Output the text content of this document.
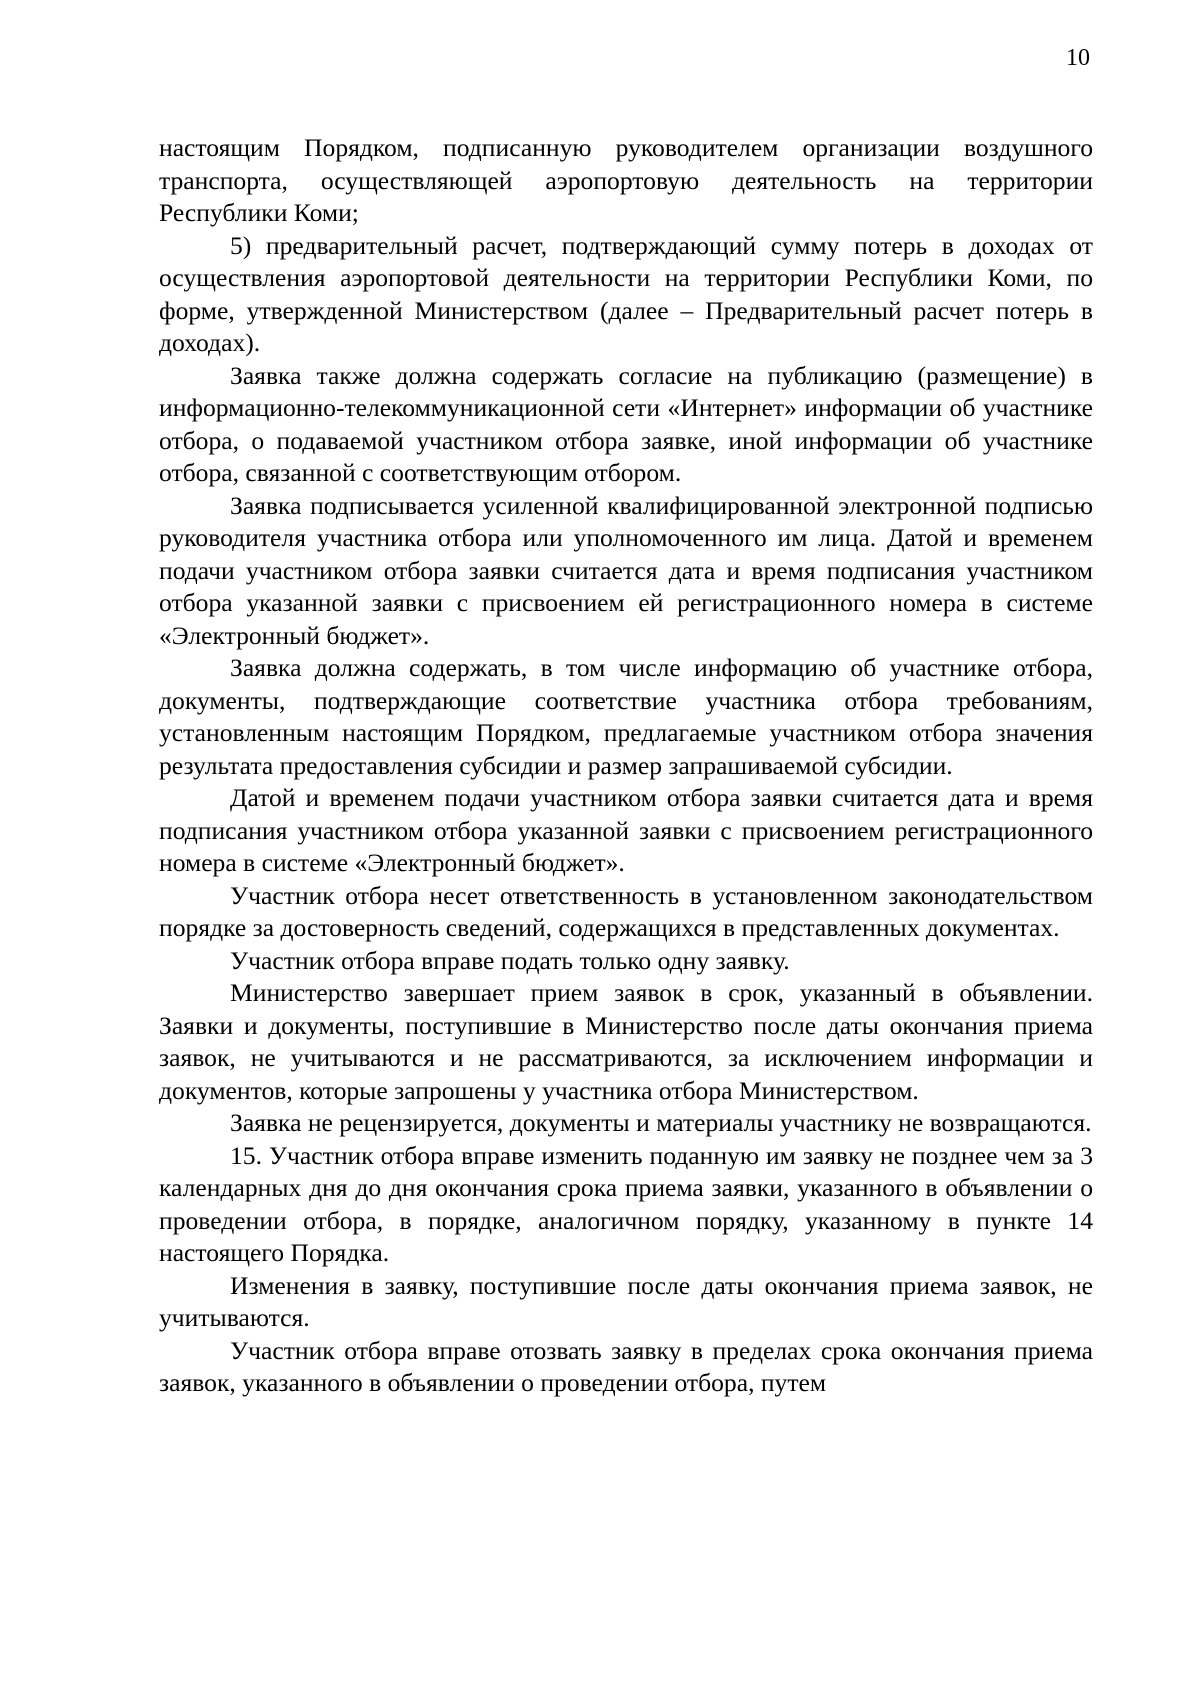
10

настоящим Порядком, подписанную руководителем организации воздушного транспорта, осуществляющей аэропортовую деятельность на территории Республики Коми;

5) предварительный расчет, подтверждающий сумму потерь в доходах от осуществления аэропортовой деятельности на территории Республики Коми, по форме, утвержденной Министерством (далее – Предварительный расчет потерь в доходах).

Заявка также должна содержать согласие на публикацию (размещение) в информационно-телекоммуникационной сети «Интернет» информации об участнике отбора, о подаваемой участником отбора заявке, иной информации об участнике отбора, связанной с соответствующим отбором.

Заявка подписывается усиленной квалифицированной электронной подписью руководителя участника отбора или уполномоченного им лица. Датой и временем подачи участником отбора заявки считается дата и время подписания участником отбора указанной заявки с присвоением ей регистрационного номера в системе «Электронный бюджет».

Заявка должна содержать, в том числе информацию об участнике отбора, документы, подтверждающие соответствие участника отбора требованиям, установленным настоящим Порядком, предлагаемые участником отбора значения результата предоставления субсидии и размер запрашиваемой субсидии.

Датой и временем подачи участником отбора заявки считается дата и время подписания участником отбора указанной заявки с присвоением регистрационного номера в системе «Электронный бюджет».

Участник отбора несет ответственность в установленном законодательством порядке за достоверность сведений, содержащихся в представленных документах.

Участник отбора вправе подать только одну заявку.

Министерство завершает прием заявок в срок, указанный в объявлении. Заявки и документы, поступившие в Министерство после даты окончания приема заявок, не учитываются и не рассматриваются, за исключением информации и документов, которые запрошены у участника отбора Министерством.

Заявка не рецензируется, документы и материалы участнику не возвращаются.

15. Участник отбора вправе изменить поданную им заявку не позднее чем за 3 календарных дня до дня окончания срока приема заявки, указанного в объявлении о проведении отбора, в порядке, аналогичном порядку, указанному в пункте 14 настоящего Порядка.

Изменения в заявку, поступившие после даты окончания приема заявок, не учитываются.

Участник отбора вправе отозвать заявку в пределах срока окончания приема заявок, указанного в объявлении о проведении отбора, путем
